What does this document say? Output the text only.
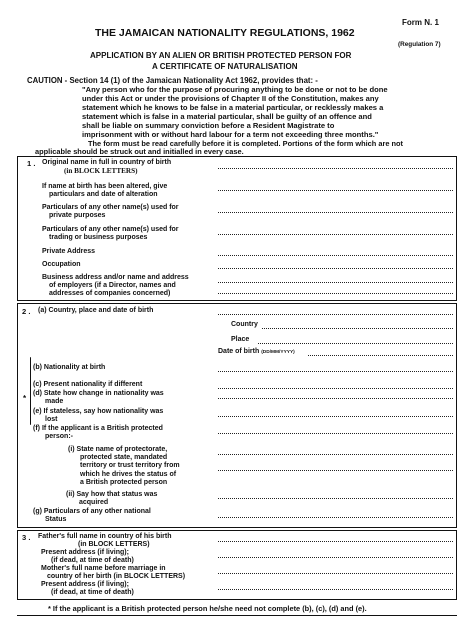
Form N. 1
THE JAMAICAN NATIONALITY REGULATIONS, 1962
(Regulation 7)
APPLICATION BY AN ALIEN OR BRITISH PROTECTED PERSON FOR
A CERTIFICATE OF NATURALISATION
CAUTION - Section 14 (1) of the Jamaican Nationality Act 1962, provides that: -
"Any person who for the purpose of procuring anything to be done or not to be done
under this Act or under the provisions of Chapter II of the Constitution, makes any
statement which he knows to be false in a material particular, or recklessly makes a
statement which is false in a material particular, shall be guilty of an offence and
shall be liable on summary conviction before a Resident Magistrate to
imprisonment with or without hard labour for a term not exceeding three months."
The form must be read carefully before it is completed. Portions of the form which are not
applicable should be struck out and initialled in every case.
1 . Original name in full in country of birth
(in BLOCK LETTERS)
If name at birth has been altered, give
particulars and date of alteration
Particulars of any other name(s) used for
private purposes
Particulars of any other name(s) used for
trading or business purposes
Private Address
Occupation
Business address and/or name and address
of employers (if a Director, names and
addresses of companies concerned)
2 . (a) Country, place and date of birth
Country
Place
Date of birth (DD/MM/YYYY)
*
(b) Nationality at birth
(c) Present nationality if different
(d) State how change in nationality was
made
(e) If stateless, say how nationality was
lost
(f) If the applicant is a British protected
person:-
(i) State name of protectorate,
protected state, mandated
territory or trust territory from
which he drives the status of
a British protected person
(ii) Say how that status was
acquired
(g) Particulars of any other national
Status
3 . Father's full name in country of his birth
(in BLOCK LETTERS)
Present address (if living);
(if dead, at time of death)
Mother's full name before marriage in
country of her birth (in BLOCK LETTERS)
Present address (if living);
(if dead, at time of death)
* If the applicant is a British protected person he/she need not complete (b), (c), (d) and (e).
